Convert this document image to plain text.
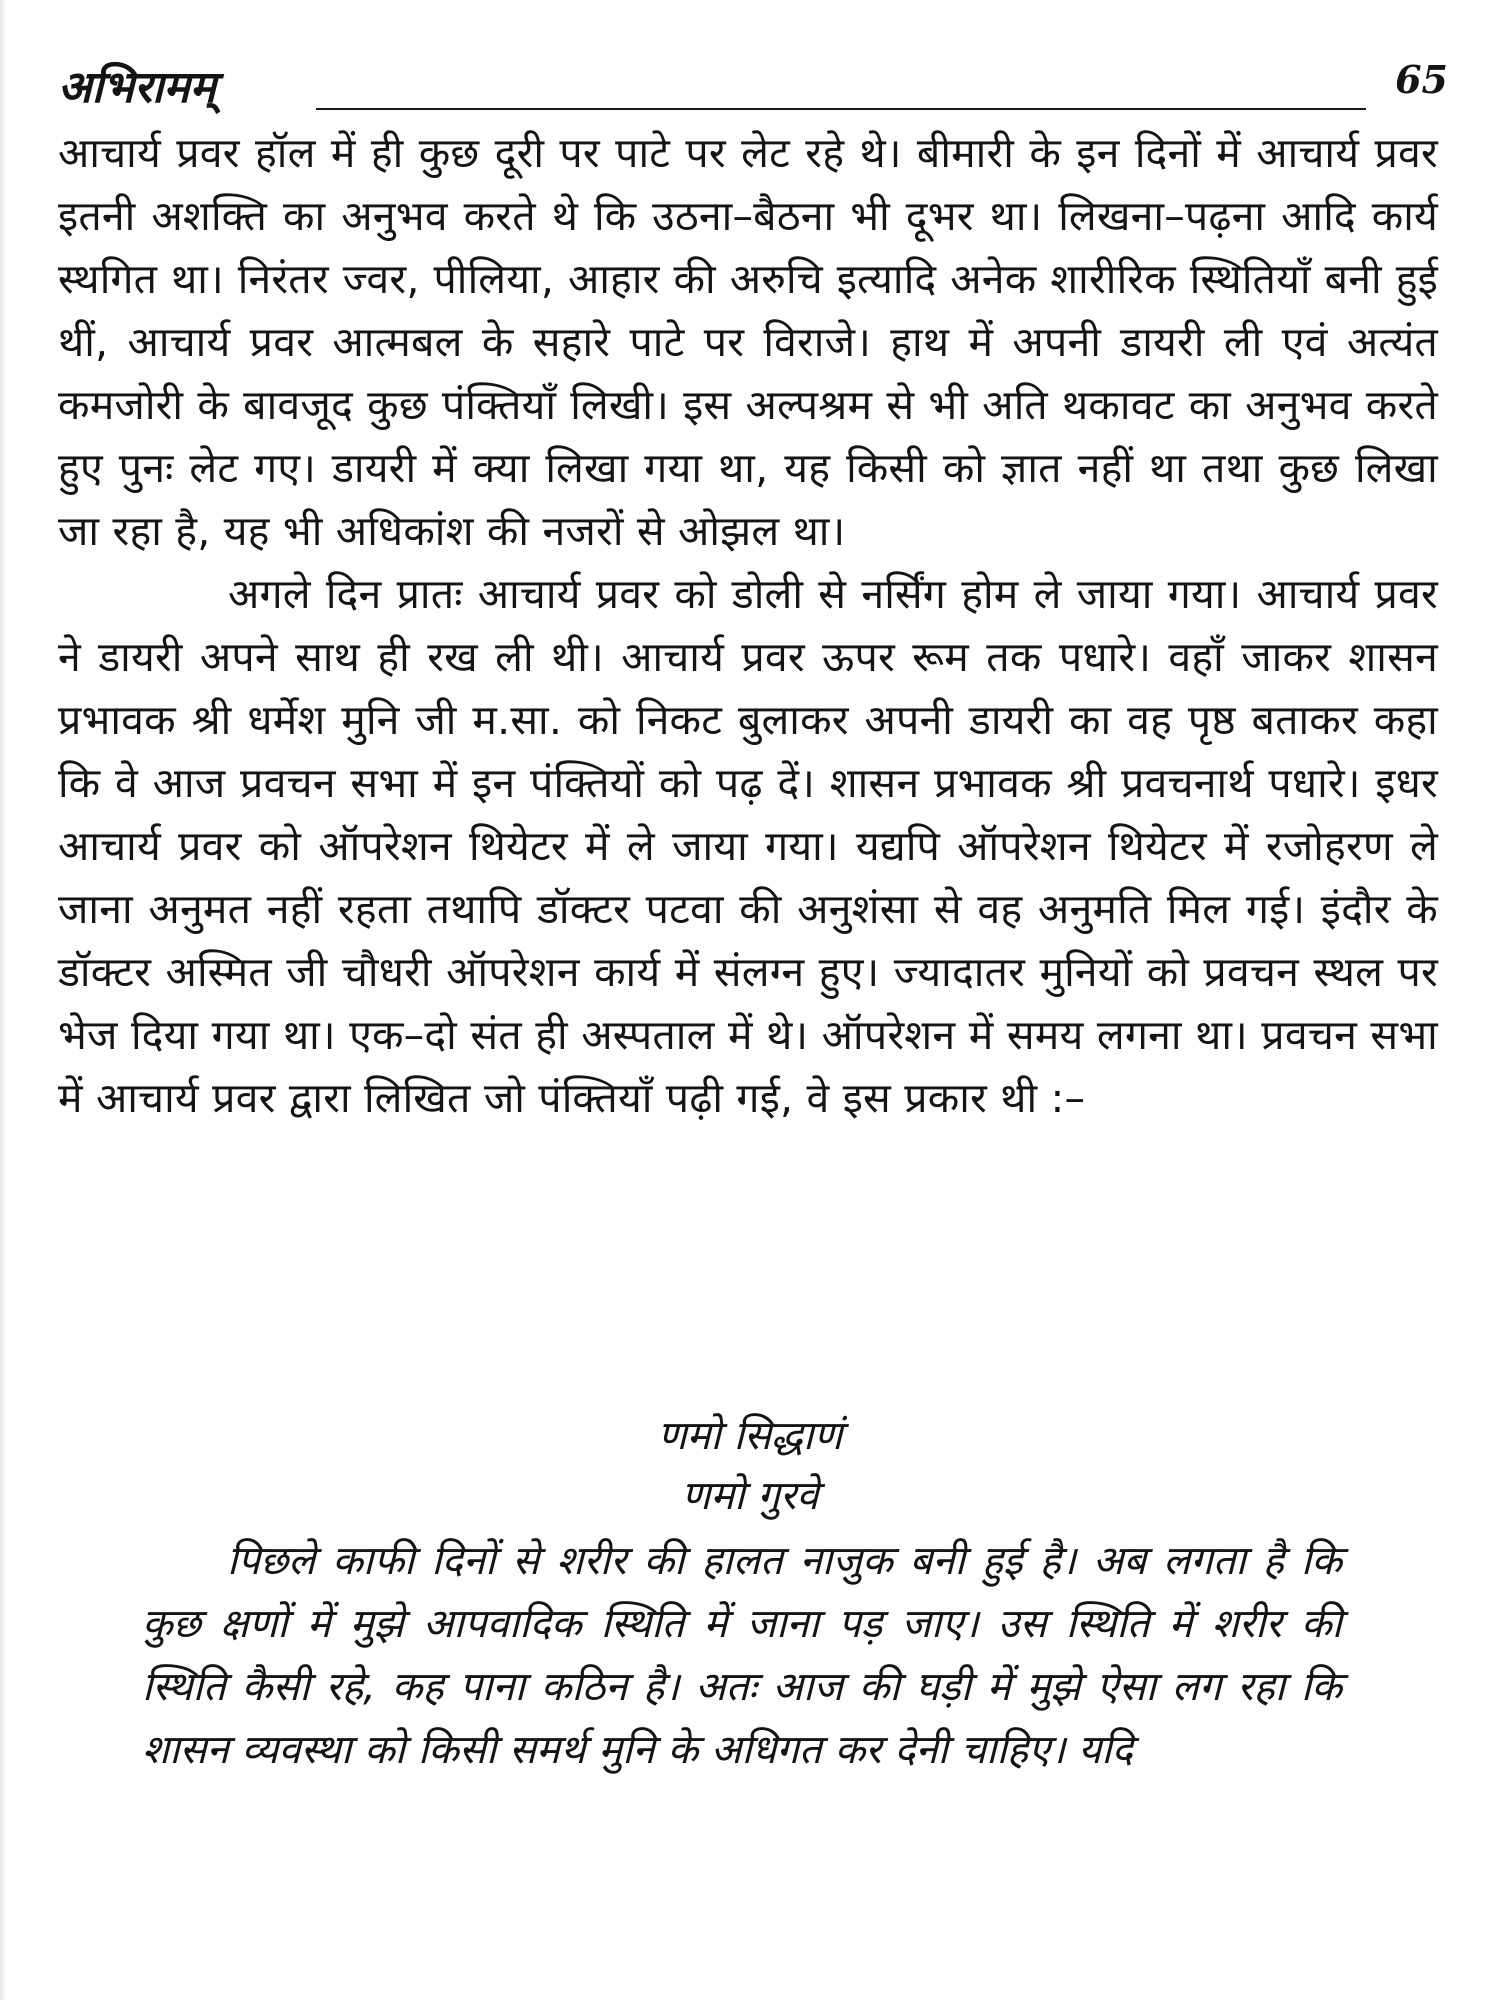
अभिरामम्	65

आचार्य प्रवर हॉल में ही कुछ दूरी पर पाटे पर लेट रहे थे। बीमारी के इन दिनों में आचार्य प्रवर इतनी अशक्ति का अनुभव करते थे कि उठना–बैठना भी दूभर था। लिखना–पढ़ना आदि कार्य स्थगित था। निरंतर ज्वर, पीलिया, आहार की अरुचि इत्यादि अनेक शारीरिक स्थितियाँ बनी हुई थीं, आचार्य प्रवर आत्मबल के सहारे पाटे पर विराजे। हाथ में अपनी डायरी ली एवं अत्यंत कमजोरी के बावजूद कुछ पंक्तियाँ लिखी। इस अल्पश्रम से भी अति थकावट का अनुभव करते हुए पुनः लेट गए। डायरी में क्या लिखा गया था, यह किसी को ज्ञात नहीं था तथा कुछ लिखा जा रहा है, यह भी अधिकांश की नजरों से ओझल था।

अगले दिन प्रातः आचार्य प्रवर को डोली से नर्सिंग होम ले जाया गया। आचार्य प्रवर ने डायरी अपने साथ ही रख ली थी। आचार्य प्रवर ऊपर रूम तक पधारे। वहाँ जाकर शासन प्रभावक श्री धर्मेश मुनि जी म.सा. को निकट बुलाकर अपनी डायरी का वह पृष्ठ बताकर कहा कि वे आज प्रवचन सभा में इन पंक्तियों को पढ़ दें। शासन प्रभावक श्री प्रवचनार्थ पधारे। इधर आचार्य प्रवर को ऑपरेशन थियेटर में ले जाया गया। यद्यपि ऑपरेशन थियेटर में रजोहरण ले जाना अनुमत नहीं रहता तथापि डॉक्टर पटवा की अनुशंसा से वह अनुमति मिल गई। इंदौर के डॉक्टर अस्मित जी चौधरी ऑपरेशन कार्य में संलग्न हुए। ज्यादातर मुनियों को प्रवचन स्थल पर भेज दिया गया था। एक–दो संत ही अस्पताल में थे। ऑपरेशन में समय लगना था। प्रवचन सभा में आचार्य प्रवर द्वारा लिखित जो पंक्तियाँ पढ़ी गई, वे इस प्रकार थी :–

णमो सिद्धाणं
णमो गुरवे

पिछले काफी दिनों से शरीर की हालत नाजुक बनी हुई है। अब लगता है कि कुछ क्षणों में मुझे आपवादिक स्थिति में जाना पड़ जाए। उस स्थिति में शरीर की स्थिति कैसी रहे, कह पाना कठिन है। अतः आज की घड़ी में मुझे ऐसा लग रहा कि शासन व्यवस्था को किसी समर्थ मुनि के अधिगत कर देनी चाहिए। यदि
